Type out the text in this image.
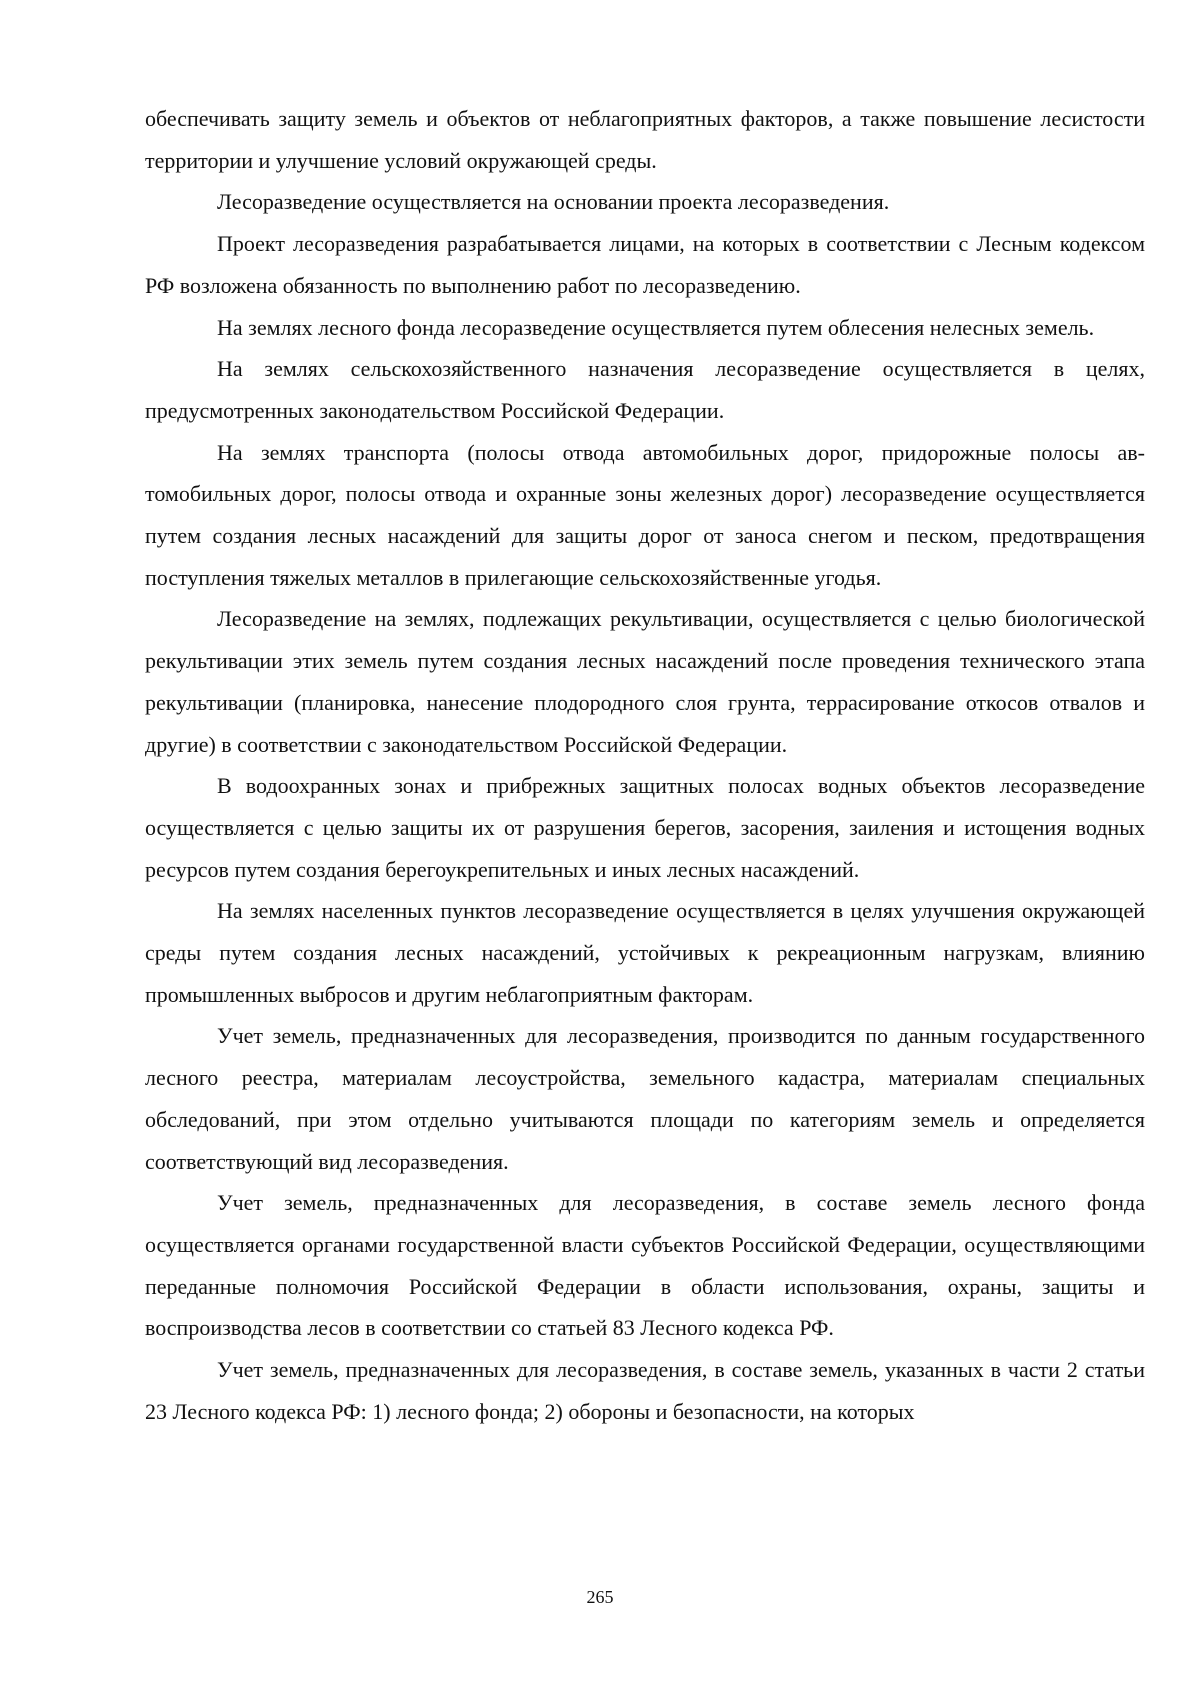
обеспечивать защиту земель и объектов от неблагоприятных факторов, а также повышение лесистости территории и улучшение условий окружающей среды.

Лесоразведение осуществляется на основании проекта лесоразведения.

Проект лесоразведения разрабатывается лицами, на которых в соответствии с Лесным кодексом РФ возложена обязанность по выполнению работ по лесоразведению.

На землях лесного фонда лесоразведение осуществляется путем облесения нелесных земель.

На землях сельскохозяйственного назначения лесоразведение осуществляется в целях, предусмотренных законодательством Российской Федерации.

На землях транспорта (полосы отвода автомобильных дорог, придорожные полосы автомобильных дорог, полосы отвода и охранные зоны железных дорог) лесоразведение осуществляется путем создания лесных насаждений для защиты дорог от заноса снегом и песком, предотвращения поступления тяжелых металлов в прилегающие сельскохозяйственные угодья.

Лесоразведение на землях, подлежащих рекультивации, осуществляется с целью биологической рекультивации этих земель путем создания лесных насаждений после проведения технического этапа рекультивации (планировка, нанесение плодородного слоя грунта, террасирование откосов отвалов и другие) в соответствии с законодательством Российской Федерации.

В водоохранных зонах и прибрежных защитных полосах водных объектов лесоразведение осуществляется с целью защиты их от разрушения берегов, засорения, заиления и истощения водных ресурсов путем создания берегоукрепительных и иных лесных насаждений.

На землях населенных пунктов лесоразведение осуществляется в целях улучшения окружающей среды путем создания лесных насаждений, устойчивых к рекреационным нагрузкам, влиянию промышленных выбросов и другим неблагоприятным факторам.

Учет земель, предназначенных для лесоразведения, производится по данным государственного лесного реестра, материалам лесоустройства, земельного кадастра, материалам специальных обследований, при этом отдельно учитываются площади по категориям земель и определяется соответствующий вид лесоразведения.

Учет земель, предназначенных для лесоразведения, в составе земель лесного фонда осуществляется органами государственной власти субъектов Российской Федерации, осуществляющими переданные полномочия Российской Федерации в области использования, охраны, защиты и воспроизводства лесов в соответствии со статьей 83 Лесного кодекса РФ.

Учет земель, предназначенных для лесоразведения, в составе земель, указанных в части 2 статьи 23 Лесного кодекса РФ: 1) лесного фонда; 2) обороны и безопасности, на которых

265
